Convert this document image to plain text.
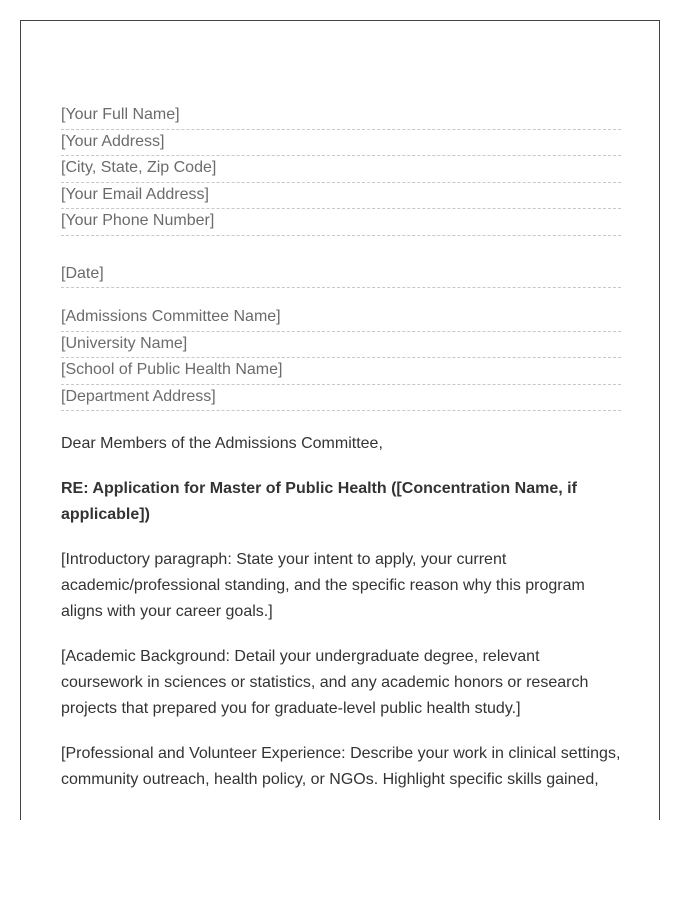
[Your Full Name]
[Your Address]
[City, State, Zip Code]
[Your Email Address]
[Your Phone Number]
[Date]
[Admissions Committee Name]
[University Name]
[School of Public Health Name]
[Department Address]
Dear Members of the Admissions Committee,
RE: Application for Master of Public Health ([Concentration Name, if applicable])
[Introductory paragraph: State your intent to apply, your current academic/professional standing, and the specific reason why this program aligns with your career goals.]
[Academic Background: Detail your undergraduate degree, relevant coursework in sciences or statistics, and any academic honors or research projects that prepared you for graduate-level public health study.]
[Professional and Volunteer Experience: Describe your work in clinical settings, community outreach, health policy, or NGOs. Highlight specific skills gained,
